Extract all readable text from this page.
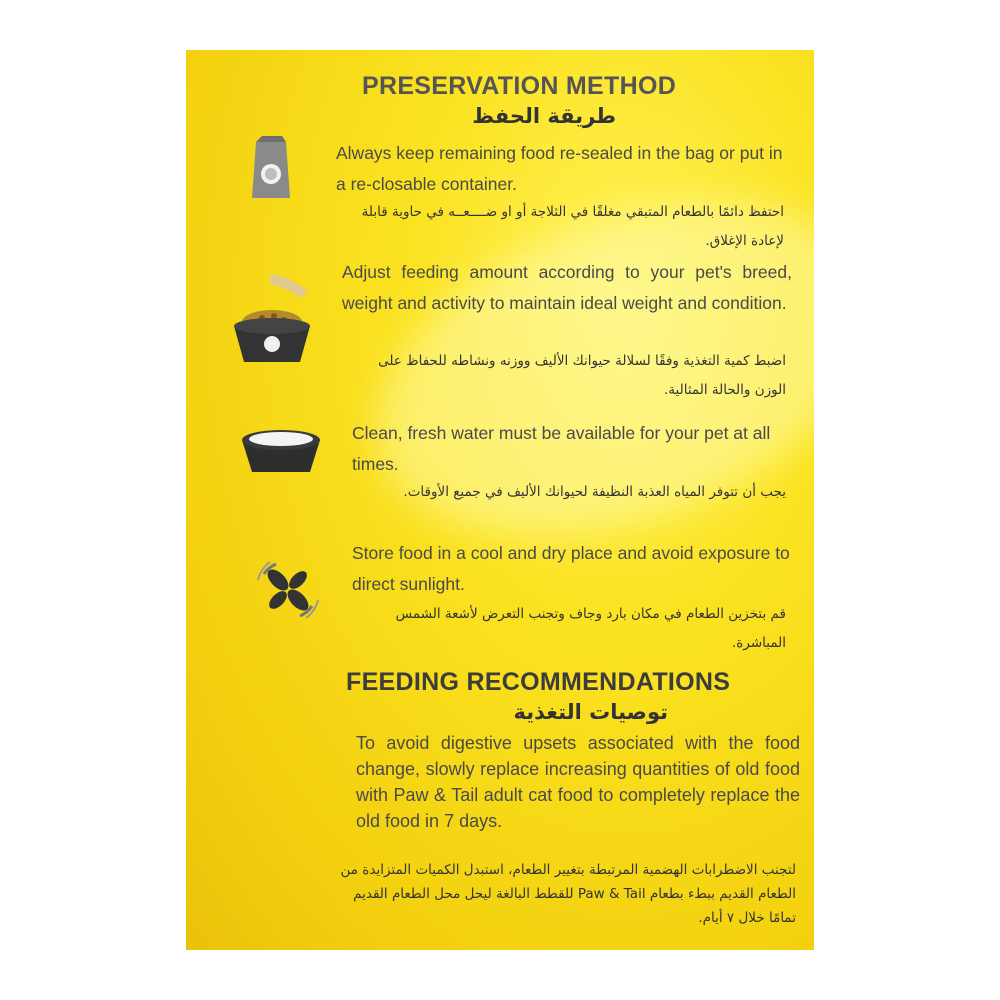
PRESERVATION METHOD
طريقة الحفظ
Always keep remaining food re-sealed in the bag or put in a re-closable container.
احتفظ دائمًا بالطعام المتبقي مغلقًا في الثلاجة أو او ضــــعــه في حاوية قابلة لإعادة الإغلاق.
Adjust feeding amount according to your pet's breed, weight and activity to maintain ideal weight and condition.
اضبط كمية التغذية وفقًا لسلالة حيوانك الأليف ووزنه ونشاطه للحفاظ على الوزن والحالة المثالية.
Clean, fresh water must be available for your pet at all times.
يجب أن تتوفر المياه العذبة النظيفة لحيوانك الأليف في جميع الأوقات.
Store food in a cool and dry place and avoid exposure to direct sunlight.
قم بتخزين الطعام في مكان بارد وجاف وتجنب التعرض لأشعة الشمس المباشرة.
FEEDING RECOMMENDATIONS
توصيات التغذية
To avoid digestive upsets associated with the food change, slowly replace increasing quantities of old food with Paw & Tail adult cat food to completely replace the old food in 7 days.
لتجنب الاضطرابات الهضمية المرتبطة بتغيير الطعام، استبدل الكميات المتزايدة من الطعام القديم ببطء بطعام Paw & Tail للقطط البالغة ليحل محل الطعام القديم تمامًا خلال ٧ أيام.
